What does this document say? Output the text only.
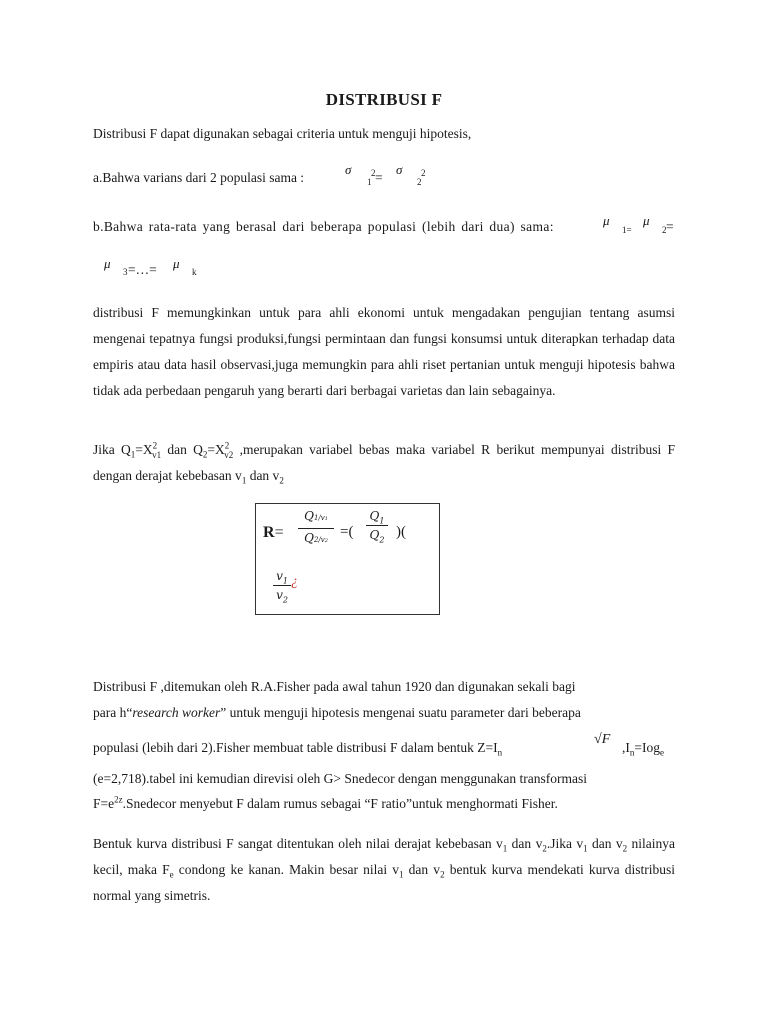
DISTRIBUSI F
Distribusi F dapat digunakan sebagai criteria untuk menguji hipotesis,
a.Bahwa varians dari 2 populasi sama :
σ
1
2 =
σ
2
2
b.Bahwa rata-rata yang berasal dari beberapa populasi (lebih dari dua) sama:	μ
1=
μ
2 =
μ
3 =…= μ
k
distribusi F memungkinkan untuk para ahli ekonomi untuk mengadakan pengujian tentang asumsi mengenai tepatnya fungsi produksi,fungsi permintaan dan fungsi konsumsi untuk diterapkan terhadap data empiris atau data hasil observasi,juga memungkin para ahli riset pertanian untuk menguji hipotesis bahwa tidak ada perbedaan pengaruh yang berarti dari berbagai varietas dan lain sebagainya.
Jika $Q_1=X^2_{v1}$ dan $Q_2=X^2_{v2}$ ,merupakan variabel bebas maka variabel R berikut mempunyai distribusi F dengan derajat kebebasan $v_1$ dan $v_2$
R=
Q1/v1
Q2/v2
=(
$Q_1$
$Q_2$ )(
$v_1$
$v_2$
¿
Distribusi F ,ditemukan oleh R.A.Fisher pada awal tahun 1920 dan digunakan sekali bagi
para h“research worker” untuk menguji hipotesis mengenai suatu parameter dari beberapa
populasi (lebih dari 2).Fisher membuat table distribusi F dalam bentuk $Z=I_n$
√F
$,I_n=Iog_e$
(e=2,718).tabel ini kemudian direvisi oleh G> Snedecor dengan menggunakan transformasi
$F=e^{2z}.Snedecor$ menyebut F dalam rumus sebagai “F ratio”untuk menghormati Fisher.
Bentuk kurva distribusi F sangat ditentukan oleh nilai derajat kebebasan $v_1$ dan $v_2.Jika$ $v_1$ dan $v_2$ nilainya kecil, maka $F_e$ condong ke kanan. Makin besar nilai $v_1$ dan $v_2$ bentuk kurva mendekati kurva distribusi normal yang simetris.
